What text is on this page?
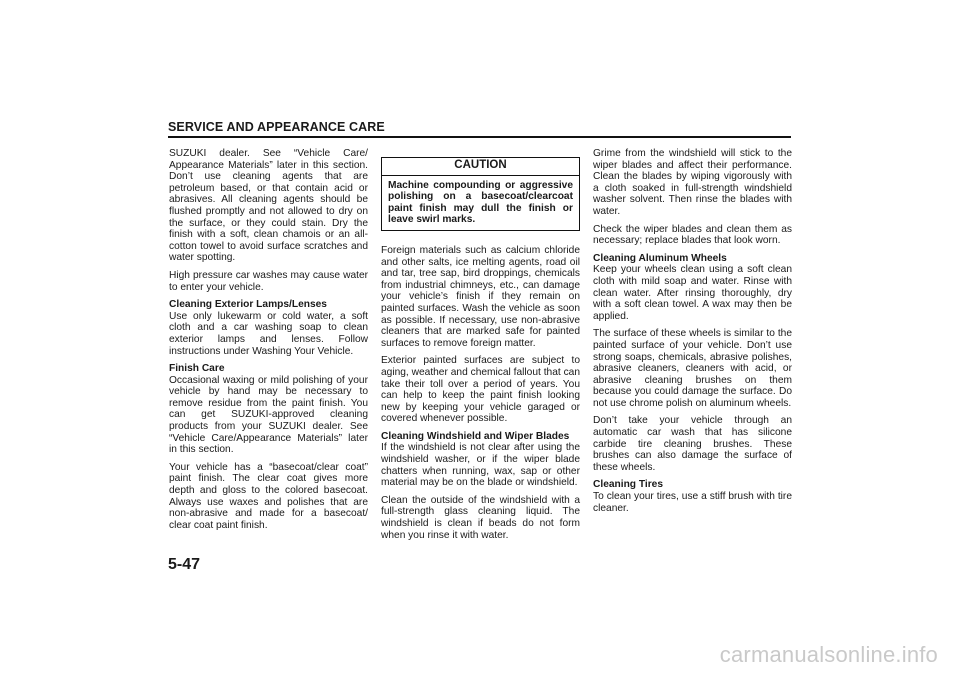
SERVICE AND APPEARANCE CARE

SUZUKI dealer. See “Vehicle Care/ Appearance Materials” later in this section. Don’t use cleaning agents that are petroleum based, or that contain acid or abrasives. All cleaning agents should be flushed promptly and not allowed to dry on the surface, or they could stain. Dry the finish with a soft, clean chamois or an all-cotton towel to avoid surface scratches and water spotting.

High pressure car washes may cause water to enter your vehicle.

Cleaning Exterior Lamps/Lenses
Use only lukewarm or cold water, a soft cloth and a car washing soap to clean exterior lamps and lenses. Follow instructions under Washing Your Vehicle.

Finish Care
Occasional waxing or mild polishing of your vehicle by hand may be necessary to remove residue from the paint finish. You can get SUZUKI-approved cleaning products from your SUZUKI dealer. See “Vehicle Care/Appearance Materials” later in this section.

Your vehicle has a “basecoat/clear coat” paint finish. The clear coat gives more depth and gloss to the colored basecoat. Always use waxes and polishes that are non-abrasive and made for a basecoat/ clear coat paint finish.

CAUTION
Machine compounding or aggressive polishing on a basecoat/clearcoat paint finish may dull the finish or leave swirl marks.

Foreign materials such as calcium chloride and other salts, ice melting agents, road oil and tar, tree sap, bird droppings, chemicals from industrial chimneys, etc., can damage your vehicle’s finish if they remain on painted surfaces. Wash the vehicle as soon as possible. If necessary, use non-abrasive cleaners that are marked safe for painted surfaces to remove foreign matter.

Exterior painted surfaces are subject to aging, weather and chemical fallout that can take their toll over a period of years. You can help to keep the paint finish looking new by keeping your vehicle garaged or covered whenever possible.

Cleaning Windshield and Wiper Blades
If the windshield is not clear after using the windshield washer, or if the wiper blade chatters when running, wax, sap or other material may be on the blade or windshield.

Clean the outside of the windshield with a full-strength glass cleaning liquid. The windshield is clean if beads do not form when you rinse it with water.

Grime from the windshield will stick to the wiper blades and affect their performance. Clean the blades by wiping vigorously with a cloth soaked in full-strength windshield washer solvent. Then rinse the blades with water.

Check the wiper blades and clean them as necessary; replace blades that look worn.

Cleaning Aluminum Wheels
Keep your wheels clean using a soft clean cloth with mild soap and water. Rinse with clean water. After rinsing thoroughly, dry with a soft clean towel. A wax may then be applied.

The surface of these wheels is similar to the painted surface of your vehicle. Don’t use strong soaps, chemicals, abrasive polishes, abrasive cleaners, cleaners with acid, or abrasive cleaning brushes on them because you could damage the surface. Do not use chrome polish on aluminum wheels.

Don’t take your vehicle through an automatic car wash that has silicone carbide tire cleaning brushes. These brushes can also damage the surface of these wheels.

Cleaning Tires
To clean your tires, use a stiff brush with tire cleaner.

5-47
carmanualsonline.info
